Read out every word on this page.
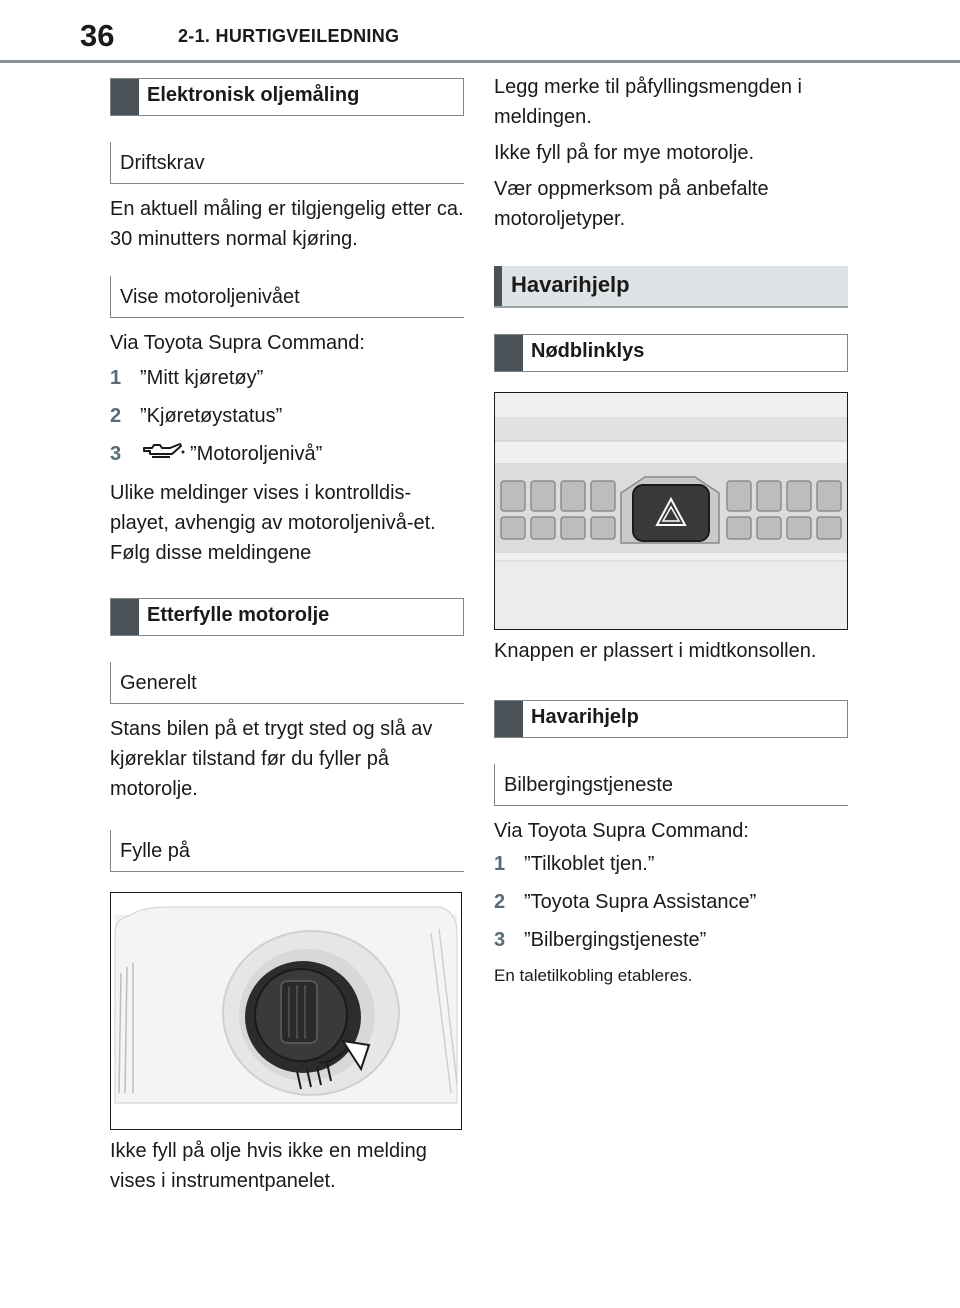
36	2-1. HURTIGVEILEDNING
Elektronisk oljemåling
Driftskrav

En aktuell måling er tilgjengelig etter ca. 30 minutters normal kjøring.

Vise motoroljenivået

Via Toyota Supra Command:

1 ”Mitt kjøretøy”
2 ”Kjøretøystatus”
3	”Motoroljenivå”

Ulike meldinger vises i kontrolldis-playet, avhengig av motoroljenivå-et. Følg disse meldingene

Etterfylle motorolje
Generelt

Stans bilen på et trygt sted og slå av kjøreklar tilstand før du fyller på motorolje.

Fylle på

Ikke fyll på olje hvis ikke en melding vises i instrumentpanelet.

Legg merke til påfyllingsmengden i meldingen.

Ikke fyll på for mye motorolje.

Vær oppmerksom på anbefalte motoroljetyper.

Havarihjelp
Nødblinklys

Knappen er plassert i midtkonsollen.

Havarihjelp
Bilbergingstjeneste

Via Toyota Supra Command:

1 ”Tilkoblet tjen.”
2 ”Toyota Supra Assistance”
3 ”Bilbergingstjeneste”

En taletilkobling etableres.
